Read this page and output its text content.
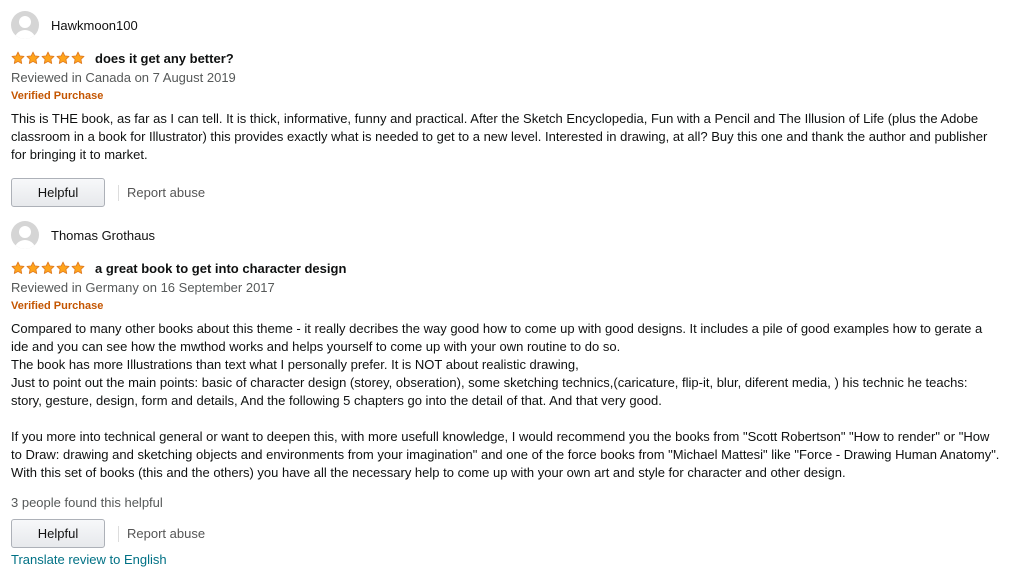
Hawkmoon100
does it get any better?
Reviewed in Canada on 7 August 2019
Verified Purchase

This is THE book, as far as I can tell. It is thick, informative, funny and practical. After the Sketch Encyclopedia, Fun with a Pencil and The Illusion of Life (plus the Adobe classroom in a book for Illustrator) this provides exactly what is needed to get to a new level. Interested in drawing, at all? Buy this one and thank the author and publisher for bringing it to market.

Helpful	Report abuse
Thomas Grothaus
a great book to get into character design
Reviewed in Germany on 16 September 2017
Verified Purchase

Compared to many other books about this theme - it really decribes the way good how to come up with good designs. It includes a pile of good examples how to gerate a ide and you can see how the mwthod works and helps yourself to come up with your own routine to do so.

The book has more Illustrations than text what I personally prefer. It is NOT about realistic drawing,

Just to point out the main points: basic of character design (storey, obseration), some sketching technics,(caricature, flip-it, blur, diferent media, ) his technic he teachs: story, gesture, design, form and details, And the following 5 chapters go into the detail of that. And that very good.

If you more into technical general or want to deepen this, with more usefull knowledge, I would recommend you the books from "Scott Robertson" "How to render" or "How to Draw: drawing and sketching objects and environments from your imagination" and one of the force books from "Michael Mattesi" like "Force - Drawing Human Anatomy". With this set of books (this and the others) you have all the necessary help to come up with your own art and style for character and other design.

3 people found this helpful
Helpful	Report abuse
Translate review to English
